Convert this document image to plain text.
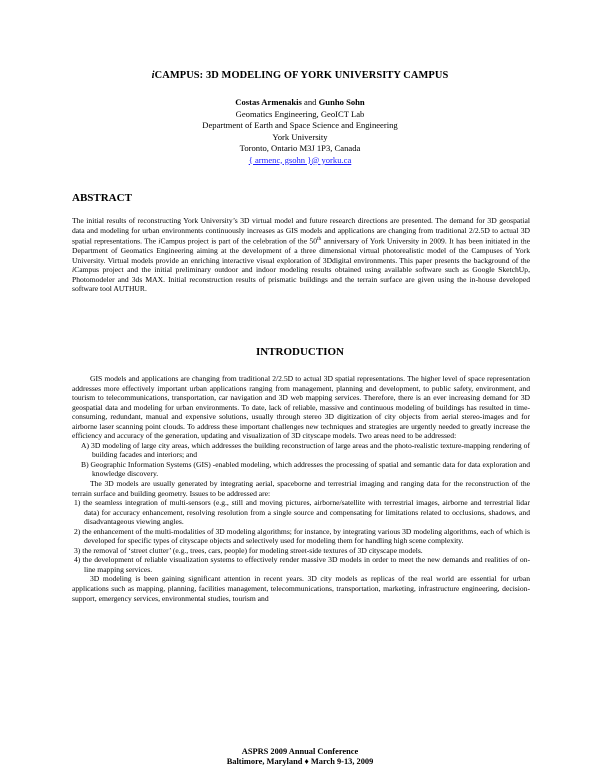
iCAMPUS: 3D MODELING OF YORK UNIVERSITY CAMPUS
Costas Armenakis and Gunho Sohn
Geomatics Engineering, GeoICT Lab
Department of Earth and Space Science and Engineering
York University
Toronto, Ontario M3J 1P3, Canada
{ armenc, gsohn }@ yorku.ca
ABSTRACT

The initial results of reconstructing York University’s 3D virtual model and future research directions are presented. The demand for 3D geospatial data and modeling for urban environments continuously increases as GIS models and applications are changing from traditional 2/2.5D to actual 3D spatial representations. The iCampus project is part of the celebration of the 50th anniversary of York University in 2009. It has been initiated in the Department of Geomatics Engineering aiming at the development of a three dimensional virtual photorealistic model of the Campuses of York University. Virtual models provide an enriching interactive visual exploration of 3Ddigital environments. This paper presents the background of the iCampus project and the initial preliminary outdoor and indoor modeling results obtained using available software such as Google SketchUp, Photomodeler and 3ds MAX. Initial reconstruction results of prismatic buildings and the terrain surface are given using the in-house developed software tool AUTHUR.

INTRODUCTION

GIS models and applications are changing from traditional 2/2.5D to actual 3D spatial representations. The higher level of space representation addresses more effectively important urban applications ranging from management, planning and development, to public safety, environment, and tourism to telecommunications, transportation, car navigation and 3D web mapping services. Therefore, there is an ever increasing demand for 3D geospatial data and modeling for urban environments. To date, lack of reliable, massive and continuous modeling of buildings has resulted in time-consuming, redundant, manual and expensive solutions, usually through stereo 3D digitization of city objects from aerial stereo-images and for airborne laser scanning point clouds. To address these important challenges new techniques and strategies are urgently needed to greatly increase the efficiency and accuracy of the generation, updating and visualization of 3D cityscape models. Two areas need to be addressed:

A) 3D modeling of large city areas, which addresses the building reconstruction of large areas and the photo-realistic texture-mapping rendering of building facades and interiors; and

B) Geographic Information Systems (GIS) -enabled modeling, which addresses the processing of spatial and semantic data for data exploration and knowledge discovery.

The 3D models are usually generated by integrating aerial, spaceborne and terrestrial imaging and ranging data for the reconstruction of the terrain surface and building geometry. Issues to be addressed are:

1) the seamless integration of multi-sensors (e.g., still and moving pictures, airborne/satellite with terrestrial images, airborne and terrestrial lidar data) for accuracy enhancement, resolving resolution from a single source and compensating for limitations related to occlusions, shadows, and disadvantageous viewing angles.

2) the enhancement of the multi-modalities of 3D modeling algorithms; for instance, by integrating various 3D modeling algorithms, each of which is developed for specific types of cityscape objects and selectively used for modeling them for handling high scene complexity.

3) the removal of ‘street clutter’ (e.g., trees, cars, people) for modeling street-side textures of 3D cityscape models.

4) the development of reliable visualization systems to effectively render massive 3D models in order to meet the new demands and realities of on-line mapping services.

3D modeling is been gaining significant attention in recent years. 3D city models as replicas of the real world are essential for urban applications such as mapping, planning, facilities management, telecommunications, transportation, marketing, infrastructure engineering, decision-support, emergency services, environmental studies, tourism and

ASPRS 2009 Annual Conference
Baltimore, Maryland ♦ March 9-13, 2009
